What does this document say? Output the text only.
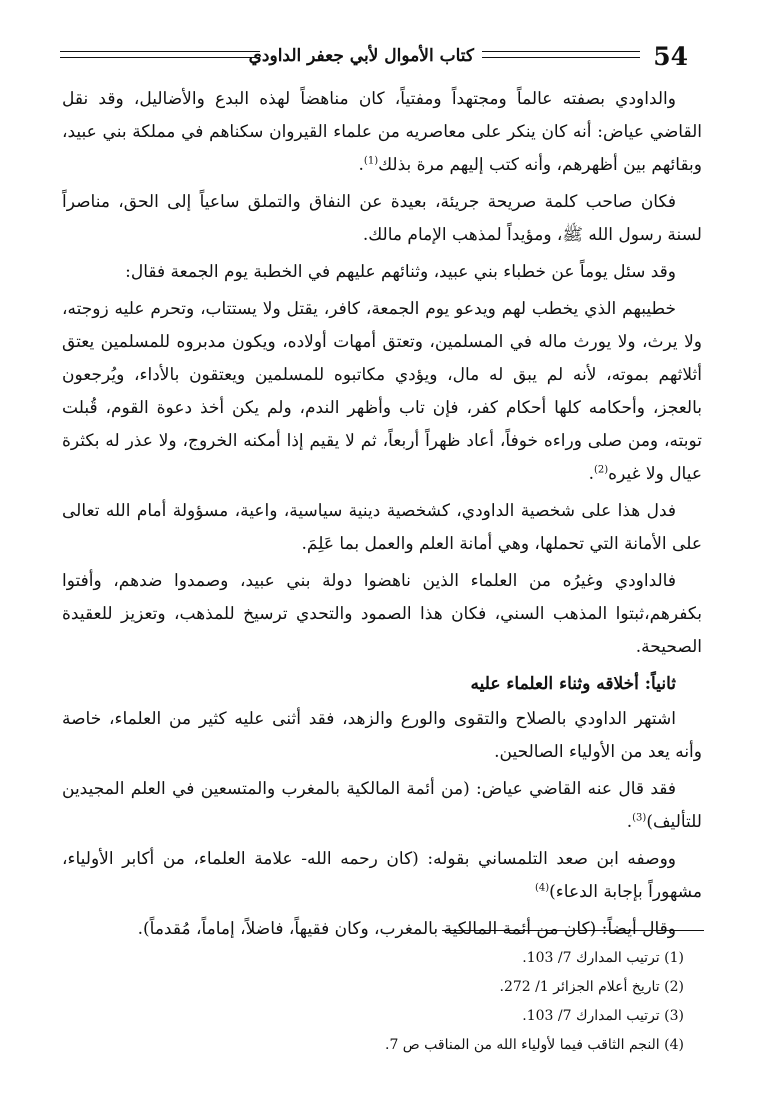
كتاب الأموال لأبي جعفر الداودي	54

والداودي بصفته عالماً ومجتهداً ومفتياً، كان مناهضاً لهذه البدع والأضاليل، وقد نقل القاضي عياض: أنه كان ينكر على معاصريه من علماء القيروان سكناهم في مملكة بني عبيد، وبقائهم بين أظهرهم، وأنه كتب إليهم مرة بذلك$^{(1)}$.

فكان صاحب كلمة صريحة جريئة، بعيدة عن النفاق والتملق ساعياً إلى الحق، مناصراً لسنة رسول الله ﷺ، ومؤيداً لمذهب الإمام مالك.

وقد سئل يوماً عن خطباء بني عبيد، وثنائهم عليهم في الخطبة يوم الجمعة فقال:

خطيبهم الذي يخطب لهم ويدعو يوم الجمعة، كافر، يقتل ولا يستتاب، وتحرم عليه زوجته، ولا يرث، ولا يورث ماله في المسلمين، وتعتق أمهات أولاده، ويكون مدبروه للمسلمين يعتق أثلاثهم بموته، لأنه لم يبق له مال، ويؤدي مكاتبوه للمسلمين ويعتقون بالأداء، ويُرجعون بالعجز، وأحكامه كلها أحكام كفر، فإن تاب وأظهر الندم، ولم يكن أخذ دعوة القوم، قُبلت توبته، ومن صلى وراءه خوفاً، أعاد ظهراً أربعاً، ثم لا يقيم إذا أمكنه الخروج، ولا عذر له بكثرة عيال ولا غيره$^{(2)}$.

فدل هذا على شخصية الداودي، كشخصية دينية سياسية، واعية، مسؤولة أمام الله تعالى على الأمانة التي تحملها، وهي أمانة العلم والعمل بما عَلِمَ.

فالداودي وغيرُه من العلماء الذين ناهضوا دولة بني عبيد، وصمدوا ضدهم، وأفتوا بكفرهم،ثبتوا المذهب السني، فكان هذا الصمود والتحدي ترسيخ للمذهب، وتعزيز للعقيدة الصحيحة.

ثانياً: أخلاقه وثناء العلماء عليه

اشتهر الداودي بالصلاح والتقوى والورع والزهد، فقد أثنى عليه كثير من العلماء، خاصة وأنه يعد من الأولياء الصالحين.

فقد قال عنه القاضي عياض: (من أئمة المالكية بالمغرب والمتسعين في العلم المجيدين للتأليف)$^{(3)}$.

ووصفه ابن صعد التلمساني بقوله: (كان رحمه الله- علامة العلماء، من أكابر الأولياء، مشهوراً بإجابة الدعاء)$^{(4)}$

وقال أيضاً: (كان من أئمة المالكية بالمغرب، وكان فقيهاً، فاضلاً، إماماً، مُقدماً).

(1) ترتيب المدارك 7/ 103.

(2) تاريخ أعلام الجزائر 1/ 272.

(3) ترتيب المدارك 7/ 103.

(4) النجم الثاقب فيما لأولياء الله من المناقب ص 7.
